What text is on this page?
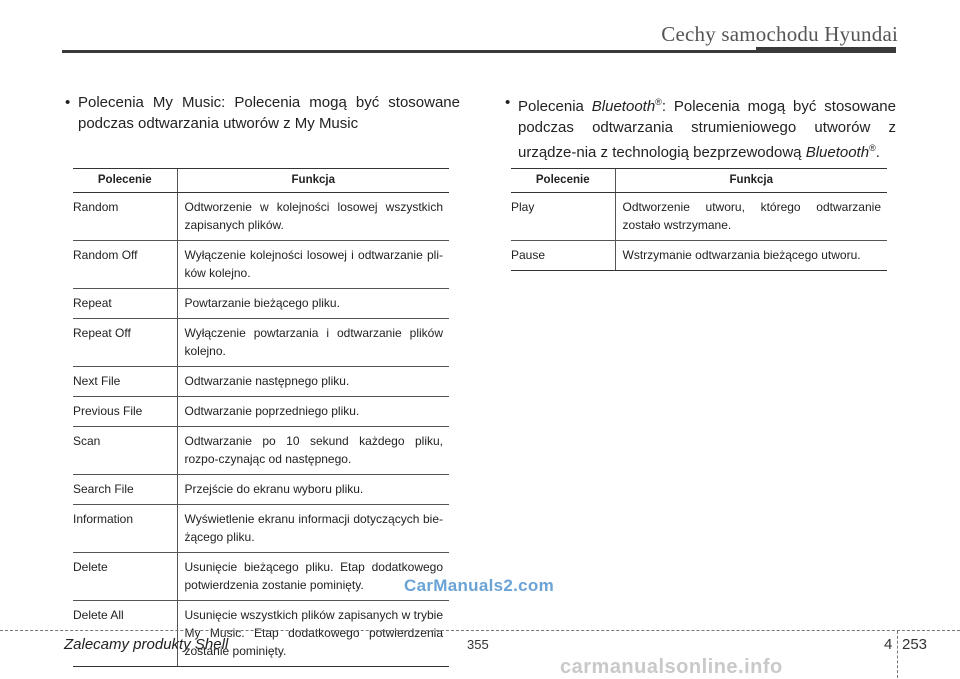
Cechy samochodu Hyundai
• Polecenia My Music: Polecenia mogą być stosowane podczas odtwarzania utworów z My Music
• Polecenia Bluetooth®: Polecenia mogą być stosowane podczas odtwarzania strumieniowego utworów z urządze-nia z technologią bezprzewodową Bluetooth®.
Polecenie	Funkcja
Random	Odtworzenie w kolejności losowej wszystkich zapisanych plików.
Random Off	Wyłączenie kolejności losowej i odtwarzanie pli-ków kolejno.
Repeat	Powtarzanie bieżącego pliku.
Repeat Off	Wyłączenie powtarzania i odtwarzanie plików kolejno.
Next File	Odtwarzanie następnego pliku.
Previous File	Odtwarzanie poprzedniego pliku.
Scan	Odtwarzanie po 10 sekund każdego pliku, rozpo-czynając od następnego.
Search File	Przejście do ekranu wyboru pliku.
Information	Wyświetlenie ekranu informacji dotyczących bie-żącego pliku.
Delete	Usunięcie bieżącego pliku. Etap dodatkowego potwierdzenia zostanie pominięty.
Delete All	Usunięcie wszystkich plików zapisanych w trybie My Music. Etap dodatkowego potwierdzenia zostanie pominięty.
Polecenie	Funkcja
Play	Odtworzenie utworu, którego odtwarzanie zostało wstrzymane.
Pause	Wstrzymanie odtwarzania bieżącego utworu.
CarManuals2.com
Zalecamy produkty Shell	355	4 253
carmanualsonline.info
